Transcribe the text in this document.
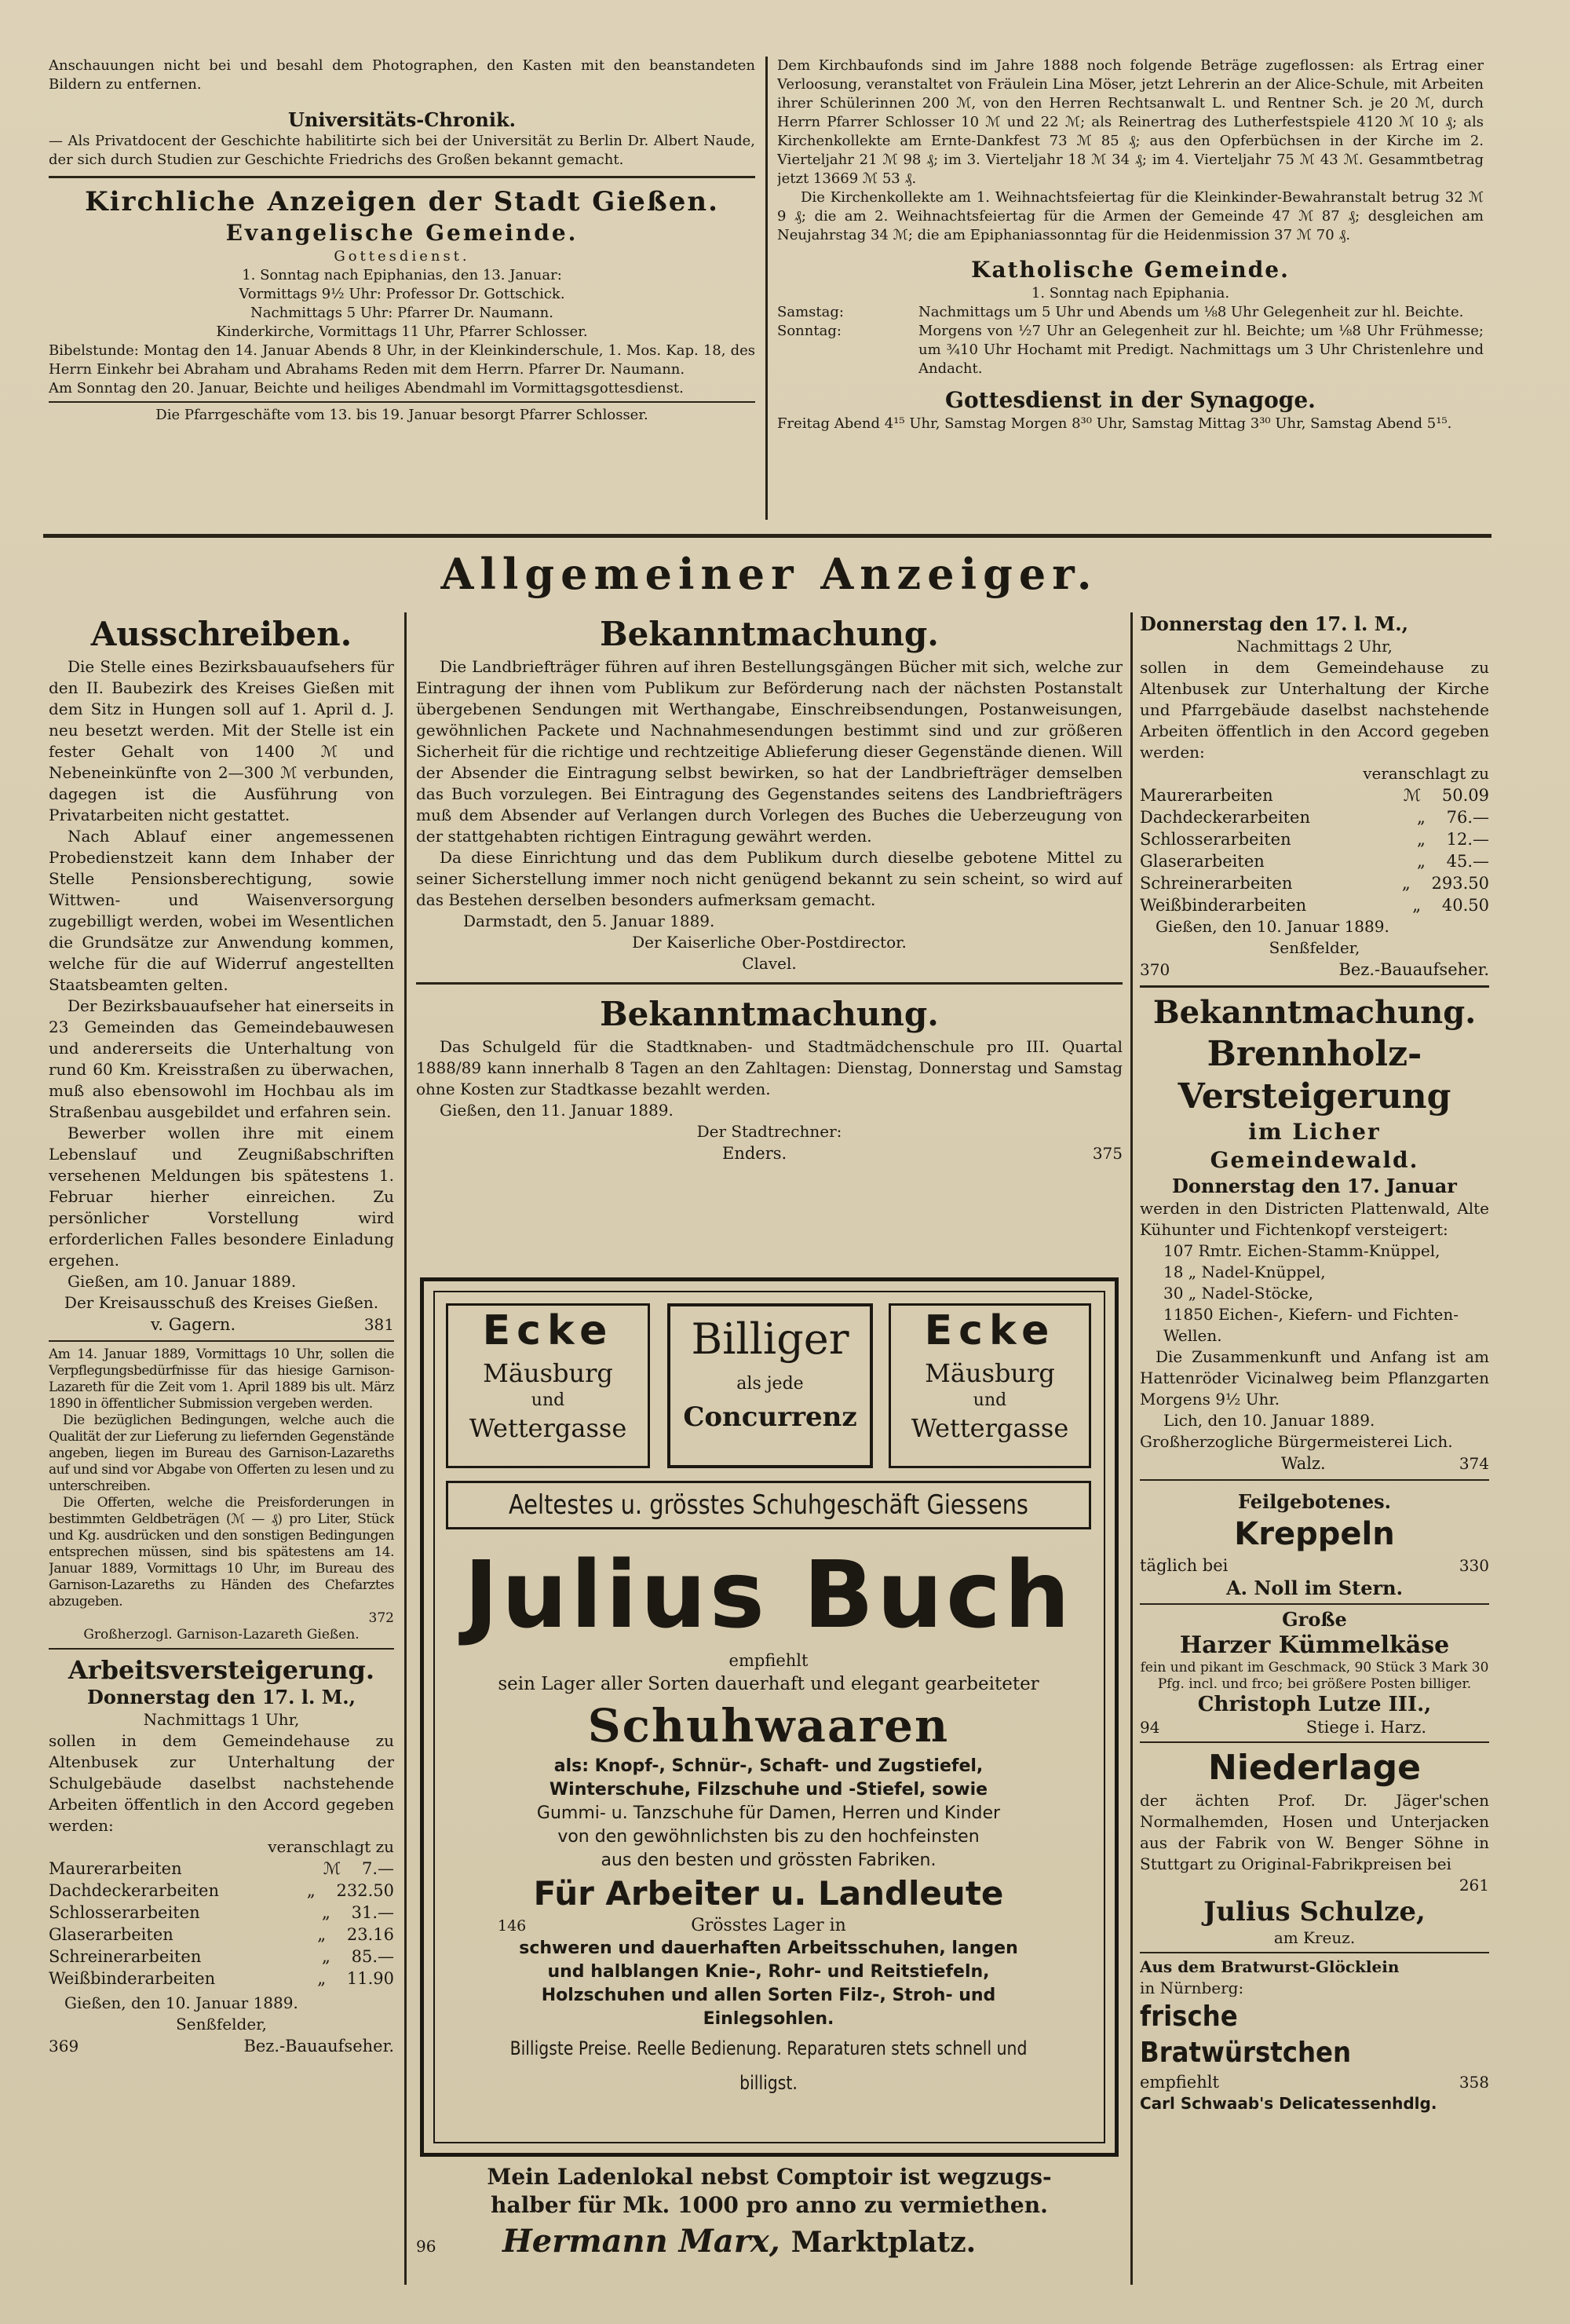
Anschauungen nicht bei und besahl dem Photographen, den Kasten mit den beanstandeten Bildern zu entfernen.

Universitäts-Chronik.

— Als Privatdocent der Geschichte habilitirte sich bei der Universität zu Berlin Dr. Albert Naude, der sich durch Studien zur Geschichte Friedrichs des Großen bekannt gemacht.

Kirchliche Anzeigen der Stadt Gießen.

Evangelische Gemeinde.

Gottesdienst.

1. Sonntag nach Epiphanias, den 13. Januar:

Vormittags 9½ Uhr: Professor Dr. Gottschick.

Nachmittags 5 Uhr: Pfarrer Dr. Naumann.

Kinderkirche, Vormittags 11 Uhr, Pfarrer Schlosser.

Bibelstunde: Montag den 14. Januar Abends 8 Uhr, in der Kleinkinderschule, 1. Mos. Kap. 18, des Herrn Einkehr bei Abraham und Abrahams Reden mit dem Herrn. Pfarrer Dr. Naumann.

Am Sonntag den 20. Januar, Beichte und heiliges Abendmahl im Vormittagsgottesdienst.

Die Pfarrgeschäfte vom 13. bis 19. Januar besorgt Pfarrer Schlosser.

Dem Kirchbaufonds sind im Jahre 1888 noch folgende Beträge zugeflossen: als Ertrag einer Verloosung, veranstaltet von Fräulein Lina Möser, jetzt Lehrerin an der Alice-Schule, mit Arbeiten ihrer Schülerinnen 200 ℳ, von den Herren Rechtsanwalt L. und Rentner Sch. je 20 ℳ, durch Herrn Pfarrer Schlosser 10 ℳ und 22 ℳ; als Reinertrag des Lutherfestspiele 4120 ℳ 10 ₰; als Kirchenkollekte am Ernte-Dankfest 73 ℳ 85 ₰; aus den Opferbüchsen in der Kirche im 2. Vierteljahr 21 ℳ 98 ₰; im 3. Vierteljahr 18 ℳ 34 ₰; im 4. Vierteljahr 75 ℳ 43 ℳ. Gesammtbetrag jetzt 13669 ℳ 53 ₰.

Die Kirchenkollekte am 1. Weihnachtsfeiertag für die Kleinkinder-Bewahranstalt betrug 32 ℳ 9 ₰; die am 2. Weihnachtsfeiertag für die Armen der Gemeinde 47 ℳ 87 ₰; desgleichen am Neujahrstag 34 ℳ; die am Epiphaniassonntag für die Heidenmission 37 ℳ 70 ₰.

Katholische Gemeinde.

1. Sonntag nach Epiphania.

Samstag:	Nachmittags um 5 Uhr und Abends um ⅛8 Uhr Gelegenheit zur hl. Beichte.
Sonntag:	Morgens von ½7 Uhr an Gelegenheit zur hl. Beichte; um ⅛8 Uhr Frühmesse; um ¾10 Uhr Hochamt mit Predigt. Nachmittags um 3 Uhr Christenlehre und Andacht.

Gottesdienst in der Synagoge.

Freitag Abend 4¹⁵ Uhr, Samstag Morgen 8³⁰ Uhr, Samstag Mittag 3³⁰ Uhr, Samstag Abend 5¹⁵.

Allgemeiner Anzeiger.

Ausschreiben.

Die Stelle eines Bezirksbauaufsehers für den II. Baubezirk des Kreises Gießen mit dem Sitz in Hungen soll auf 1. April d. J. neu besetzt werden. Mit der Stelle ist ein fester Gehalt von 1400 ℳ und Nebeneinkünfte von 2—300 ℳ verbunden, dagegen ist die Ausführung von Privatarbeiten nicht gestattet.

Nach Ablauf einer angemessenen Probedienstzeit kann dem Inhaber der Stelle Pensionsberechtigung, sowie Wittwen- und Waisenversorgung zugebilligt werden, wobei im Wesentlichen die Grundsätze zur Anwendung kommen, welche für die auf Widerruf angestellten Staatsbeamten gelten.

Der Bezirksbauaufseher hat einerseits in 23 Gemeinden das Gemeindebauwesen und andererseits die Unterhaltung von rund 60 Km. Kreisstraßen zu überwachen, muß also ebensowohl im Hochbau als im Straßenbau ausgebildet und erfahren sein.

Bewerber wollen ihre mit einem Lebenslauf und Zeugnißabschriften versehenen Meldungen bis spätestens 1. Februar hierher einreichen. Zu persönlicher Vorstellung wird erforderlichen Falles besondere Einladung ergehen.

Gießen, am 10. Januar 1889.

Der Kreisausschuß des Kreises Gießen.

v. Gagern.	381

Am 14. Januar 1889, Vormittags 10 Uhr, sollen die Verpflegungsbedürfnisse für das hiesige Garnison-Lazareth für die Zeit vom 1. April 1889 bis ult. März 1890 in öffentlicher Submission vergeben werden.

Die bezüglichen Bedingungen, welche auch die Qualität der zur Lieferung zu liefernden Gegenstände angeben, liegen im Bureau des Garnison-Lazareths auf und sind vor Abgabe von Offerten zu lesen und zu unterschreiben.

Die Offerten, welche die Preisforderungen in bestimmten Geldbeträgen (ℳ — ₰) pro Liter, Stück und Kg. ausdrücken und den sonstigen Bedingungen entsprechen müssen, sind bis spätestens am 14. Januar 1889, Vormittags 10 Uhr, im Bureau des Garnison-Lazareths zu Händen des Chefarztes abzugeben.

372

Großherzogl. Garnison-Lazareth Gießen.

Arbeitsversteigerung.

Donnerstag den 17. l. M.,

Nachmittags 1 Uhr,

sollen in dem Gemeindehause zu Altenbusek zur Unterhaltung der Schulgebäude daselbst nachstehende Arbeiten öffentlich in den Accord gegeben werden:

veranschlagt zu

Maurerarbeiten	ℳ 7.—
Dachdeckerarbeiten	„ 232.50
Schlosserarbeiten	„ 31.—
Glaserarbeiten	„ 23.16
Schreinerarbeiten	„ 85.—
Weißbinderarbeiten	„ 11.90

Gießen, den 10. Januar 1889.

Senßfelder,

369	Bez.-Bauaufseher.

Bekanntmachung.

Die Landbriefträger führen auf ihren Bestellungsgängen Bücher mit sich, welche zur Eintragung der ihnen vom Publikum zur Beförderung nach der nächsten Postanstalt übergebenen Sendungen mit Werthangabe, Einschreibsendungen, Postanweisungen, gewöhnlichen Packete und Nachnahmesendungen bestimmt sind und zur größeren Sicherheit für die richtige und rechtzeitige Ablieferung dieser Gegenstände dienen. Will der Absender die Eintragung selbst bewirken, so hat der Landbriefträger demselben das Buch vorzulegen. Bei Eintragung des Gegenstandes seitens des Landbriefträgers muß dem Absender auf Verlangen durch Vorlegen des Buches die Ueberzeugung von der stattgehabten richtigen Eintragung gewährt werden.

Da diese Einrichtung und das dem Publikum durch dieselbe gebotene Mittel zu seiner Sicherstellung immer noch nicht genügend bekannt zu sein scheint, so wird auf das Bestehen derselben besonders aufmerksam gemacht.

Darmstadt, den 5. Januar 1889.

Der Kaiserliche Ober-Postdirector.

Clavel.

Bekanntmachung.

Das Schulgeld für die Stadtknaben- und Stadtmädchenschule pro III. Quartal 1888/89 kann innerhalb 8 Tagen an den Zahltagen: Dienstag, Donnerstag und Samstag ohne Kosten zur Stadtkasse bezahlt werden.

Gießen, den 11. Januar 1889.

Der Stadtrechner:

Enders.	375
Ecke
Mäusburg
und
Wettergasse
Billiger
als jede
Concurrenz
Ecke
Mäusburg
und
Wettergasse
Aeltestes u. grösstes Schuhgeschäft Giessens
Julius Buch
empfiehlt
sein Lager aller Sorten dauerhaft und elegant gearbeiteter
Schuhwaaren
als: Knopf-, Schnür-, Schaft- und Zugstiefel,
Winterschuhe, Filzschuhe und -Stiefel, sowie
Gummi- u. Tanzschuhe für Damen, Herren und Kinder
von den gewöhnlichsten bis zu den hochfeinsten
aus den besten und grössten Fabriken.
Für Arbeiter u. Landleute
146	Grösstes Lager in
schweren und dauerhaften Arbeitsschuhen, langen
und halblangen Knie-, Rohr- und Reitstiefeln,
Holzschuhen und allen Sorten Filz-, Stroh- und
Einlegsohlen.
Billigste Preise. Reelle Bedienung. Reparaturen stets schnell und billigst.
Mein Ladenlokal nebst Comptoir ist wegzugs-
halber für Mk. 1000 pro anno zu vermiethen.
96	Hermann Marx, Marktplatz.

Donnerstag den 17. l. M.,

Nachmittags 2 Uhr,

sollen in dem Gemeindehause zu Altenbusek zur Unterhaltung der Kirche und Pfarrgebäude daselbst nachstehende Arbeiten öffentlich in den Accord gegeben werden:

veranschlagt zu

Maurerarbeiten	ℳ 50.09
Dachdeckerarbeiten	„ 76.—
Schlosserarbeiten	„ 12.—
Glaserarbeiten	„ 45.—
Schreinerarbeiten	„ 293.50
Weißbinderarbeiten	„ 40.50

Gießen, den 10. Januar 1889.

Senßfelder,

370	Bez.-Bauaufseher.

Bekanntmachung.

Brennholz-

Versteigerung

im Licher Gemeindewald.

Donnerstag den 17. Januar

werden in den Districten Plattenwald, Alte Kühunter und Fichtenkopf versteigert:

107 Rmtr. Eichen-Stamm-Knüppel,

18 „ Nadel-Knüppel,

30 „ Nadel-Stöcke,

11850 Eichen-, Kiefern- und Fichten-Wellen.

Die Zusammenkunft und Anfang ist am Hattenröder Vicinalweg beim Pflanzgarten Morgens 9½ Uhr.

Lich, den 10. Januar 1889.

Großherzogliche Bürgermeisterei Lich.

Walz.	374

Feilgebotenes.

Kreppeln

täglich bei	330

A. Noll im Stern.

Große

Harzer Kümmelkäse

fein und pikant im Geschmack, 90 Stück 3 Mark 30 Pfg. incl. und frco; bei größere Posten billiger.

Christoph Lutze III.,

94	Stiege i. Harz.

Niederlage

der ächten Prof. Dr. Jäger'schen Normalhemden, Hosen und Unterjacken aus der Fabrik von W. Benger Söhne in Stuttgart zu Original-Fabrikpreisen bei

261

Julius Schulze,

am Kreuz.

Aus dem Bratwurst-Glöcklein

in Nürnberg:

frische Bratwürstchen

empfiehlt	358

Carl Schwaab's Delicatessenhdlg.
